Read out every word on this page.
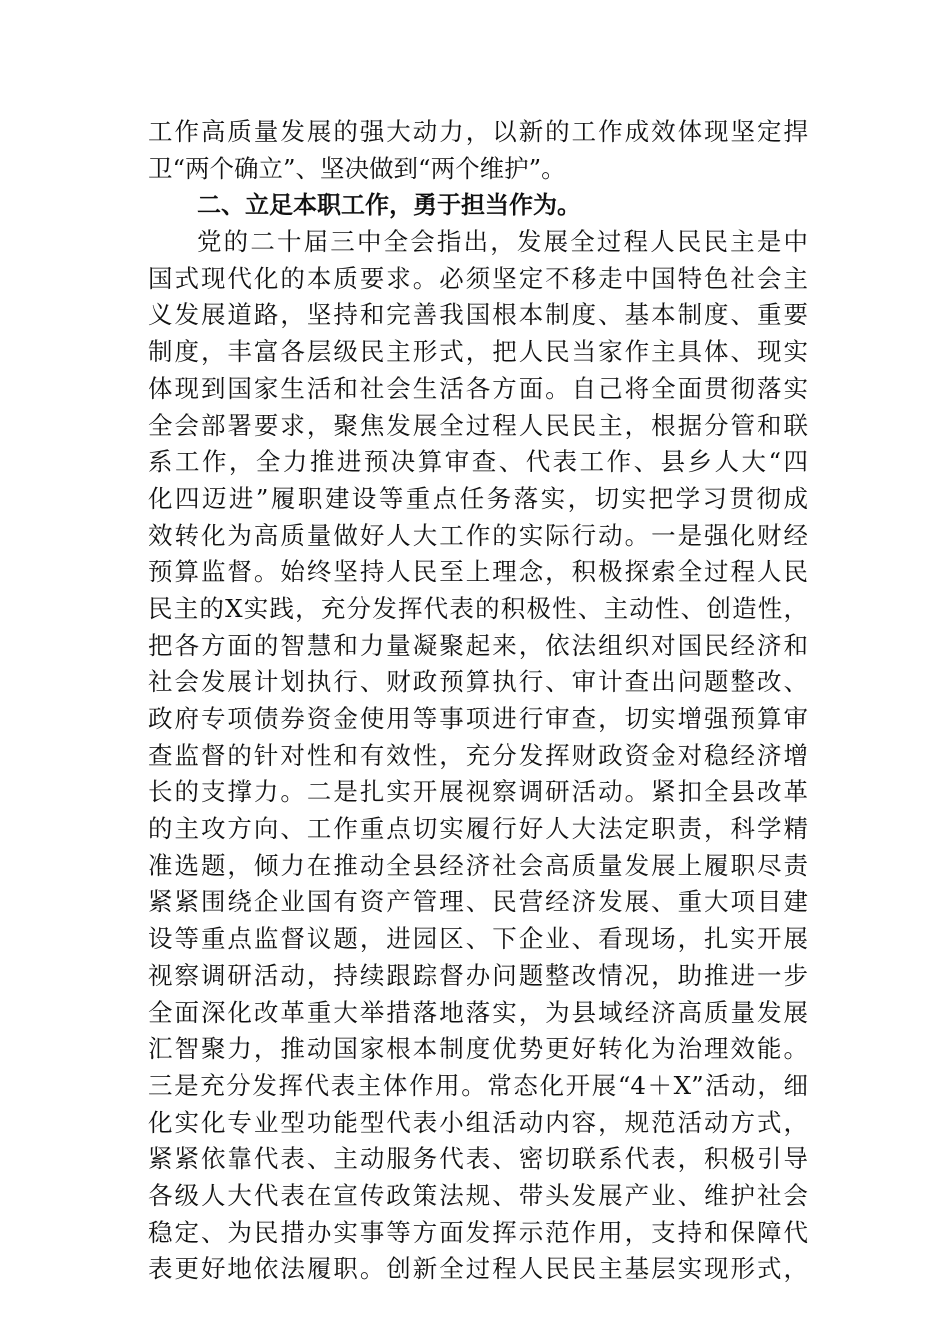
工作高质量发展的强大动力，以新的工作成效体现坚定捍
卫“两个确立”、坚决做到“两个维护”。
二、立足本职工作，勇于担当作为。
党的二十届三中全会指出，发展全过程人民民主是中
国式现代化的本质要求。必须坚定不移走中国特色社会主
义发展道路，坚持和完善我国根本制度、基本制度、重要
制度，丰富各层级民主形式，把人民当家作主具体、现实
体现到国家生活和社会生活各方面。自己将全面贯彻落实
全会部署要求，聚焦发展全过程人民民主，根据分管和联
系工作，全力推进预决算审查、代表工作、县乡人大“四
化四迈进”履职建设等重点任务落实，切实把学习贯彻成
效转化为高质量做好人大工作的实际行动。一是强化财经
预算监督。始终坚持人民至上理念，积极探索全过程人民
民主的X实践，充分发挥代表的积极性、主动性、创造性，
把各方面的智慧和力量凝聚起来，依法组织对国民经济和
社会发展计划执行、财政预算执行、审计查出问题整改、
政府专项债券资金使用等事项进行审查，切实增强预算审
查监督的针对性和有效性，充分发挥财政资金对稳经济增
长的支撑力。二是扎实开展视察调研活动。紧扣全县改革
的主攻方向、工作重点切实履行好人大法定职责，科学精
准选题，倾力在推动全县经济社会高质量发展上履职尽责
紧紧围绕企业国有资产管理、民营经济发展、重大项目建
设等重点监督议题，进园区、下企业、看现场，扎实开展
视察调研活动，持续跟踪督办问题整改情况，助推进一步
全面深化改革重大举措落地落实，为县域经济高质量发展
汇智聚力，推动国家根本制度优势更好转化为治理效能。
三是充分发挥代表主体作用。常态化开展“4＋X”活动，细
化实化专业型功能型代表小组活动内容，规范活动方式，
紧紧依靠代表、主动服务代表、密切联系代表，积极引导
各级人大代表在宣传政策法规、带头发展产业、维护社会
稳定、为民措办实事等方面发挥示范作用，支持和保障代
表更好地依法履职。创新全过程人民民主基层实现形式，
